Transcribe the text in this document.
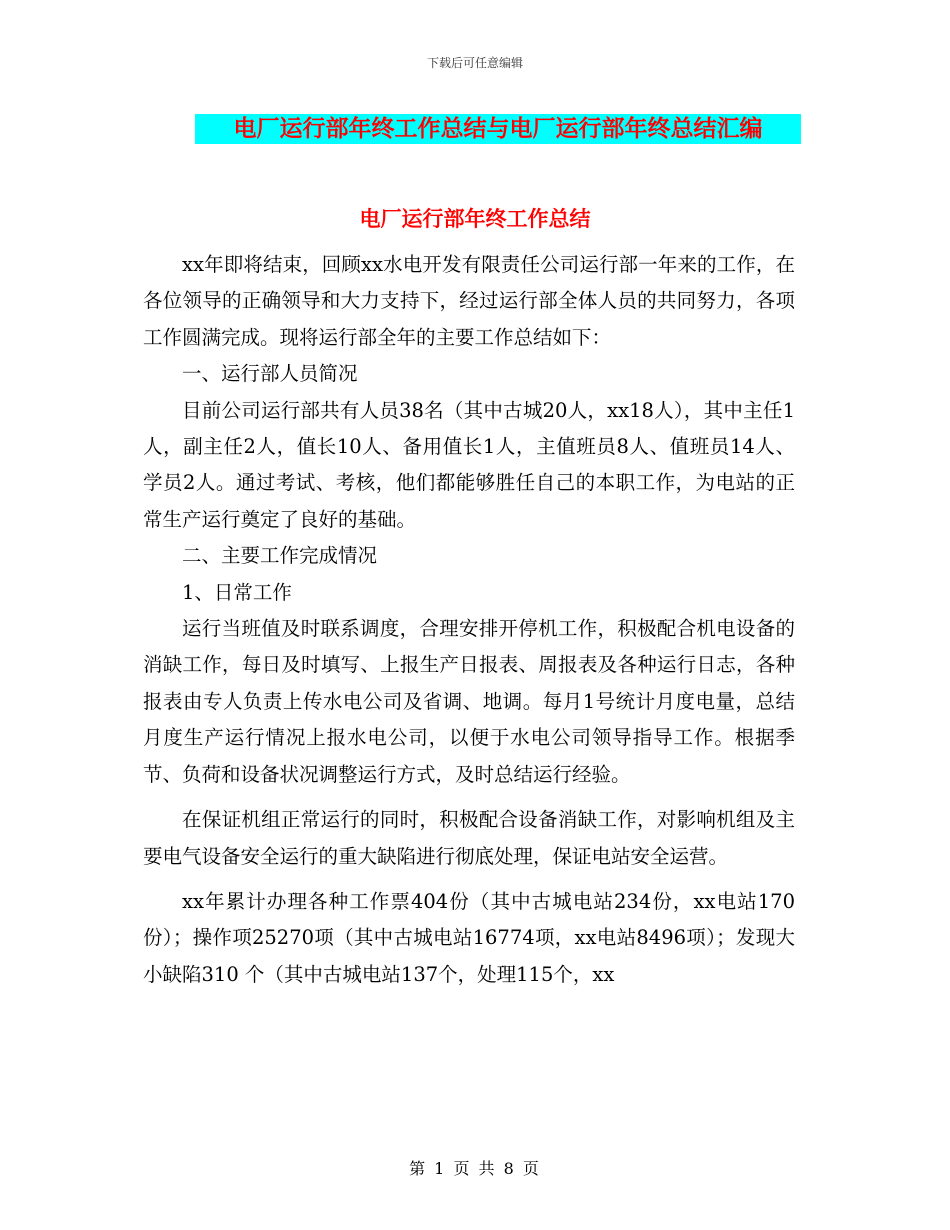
下载后可任意编辑
电厂运行部年终工作总结与电厂运行部年终总结汇编
电厂运行部年终工作总结

xx年即将结束，回顾xx水电开发有限责任公司运行部一年来的工作，在各位领导的正确领导和大力支持下，经过运行部全体人员的共同努力，各项工作圆满完成。现将运行部全年的主要工作总结如下：

一、运行部人员简况

目前公司运行部共有人员38名（其中古城20人，xx18人），其中主任1人，副主任2人，值长10人、备用值长1人，主值班员8人、值班员14人、学员2人。通过考试、考核，他们都能够胜任自己的本职工作，为电站的正常生产运行奠定了良好的基础。

二、主要工作完成情况

1、日常工作

运行当班值及时联系调度，合理安排开停机工作，积极配合机电设备的消缺工作，每日及时填写、上报生产日报表、周报表及各种运行日志，各种报表由专人负责上传水电公司及省调、地调。每月1号统计月度电量，总结月度生产运行情况上报水电公司，以便于水电公司领导指导工作。根据季节、负荷和设备状况调整运行方式，及时总结运行经验。

在保证机组正常运行的同时，积极配合设备消缺工作，对影响机组及主要电气设备安全运行的重大缺陷进行彻底处理，保证电站安全运营。

xx年累计办理各种工作票404份（其中古城电站234份，xx电站170份）；操作项25270项（其中古城电站16774项，xx电站8496项）；发现大小缺陷310 个（其中古城电站137个，处理115个，xx

第 1 页 共 8 页
